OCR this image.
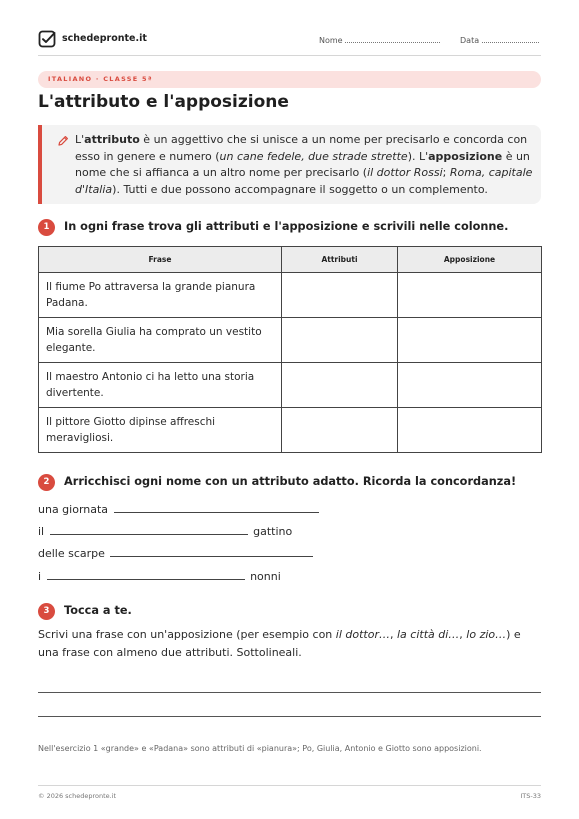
schedepronte.it	Nome	Data
ITALIANO · CLASSE 5ª
L'attributo e l'apposizione
L'attributo è un aggettivo che si unisce a un nome per precisarlo e concorda con esso in genere e numero (un cane fedele, due strade strette). L'apposizione è un nome che si affianca a un altro nome per precisarlo (il dottor Rossi; Roma, capitale d'Italia). Tutti e due possono accompagnare il soggetto o un complemento.
1	In ogni frase trova gli attributi e l'apposizione e scrivili nelle colonne.
Frase	Attributi	Apposizione
Il fiume Po attraversa la grande pianura Padana.		
Mia sorella Giulia ha comprato un vestito elegante.		
Il maestro Antonio ci ha letto una storia divertente.		
Il pittore Giotto dipinse affreschi meravigliosi.		
2	Arricchisci ogni nome con un attributo adatto. Ricorda la concordanza!
una giornata
il	gattino
delle scarpe
i	nonni
3	Tocca a te.
Scrivi una frase con un'apposizione (per esempio con il dottor…, la città di…, lo zio…) e una frase con almeno due attributi. Sottolineali.
Nell'esercizio 1 «grande» e «Padana» sono attributi di «pianura»; Po, Giulia, Antonio e Giotto sono apposizioni.
© 2026 schedepronte.it	ITS-33
